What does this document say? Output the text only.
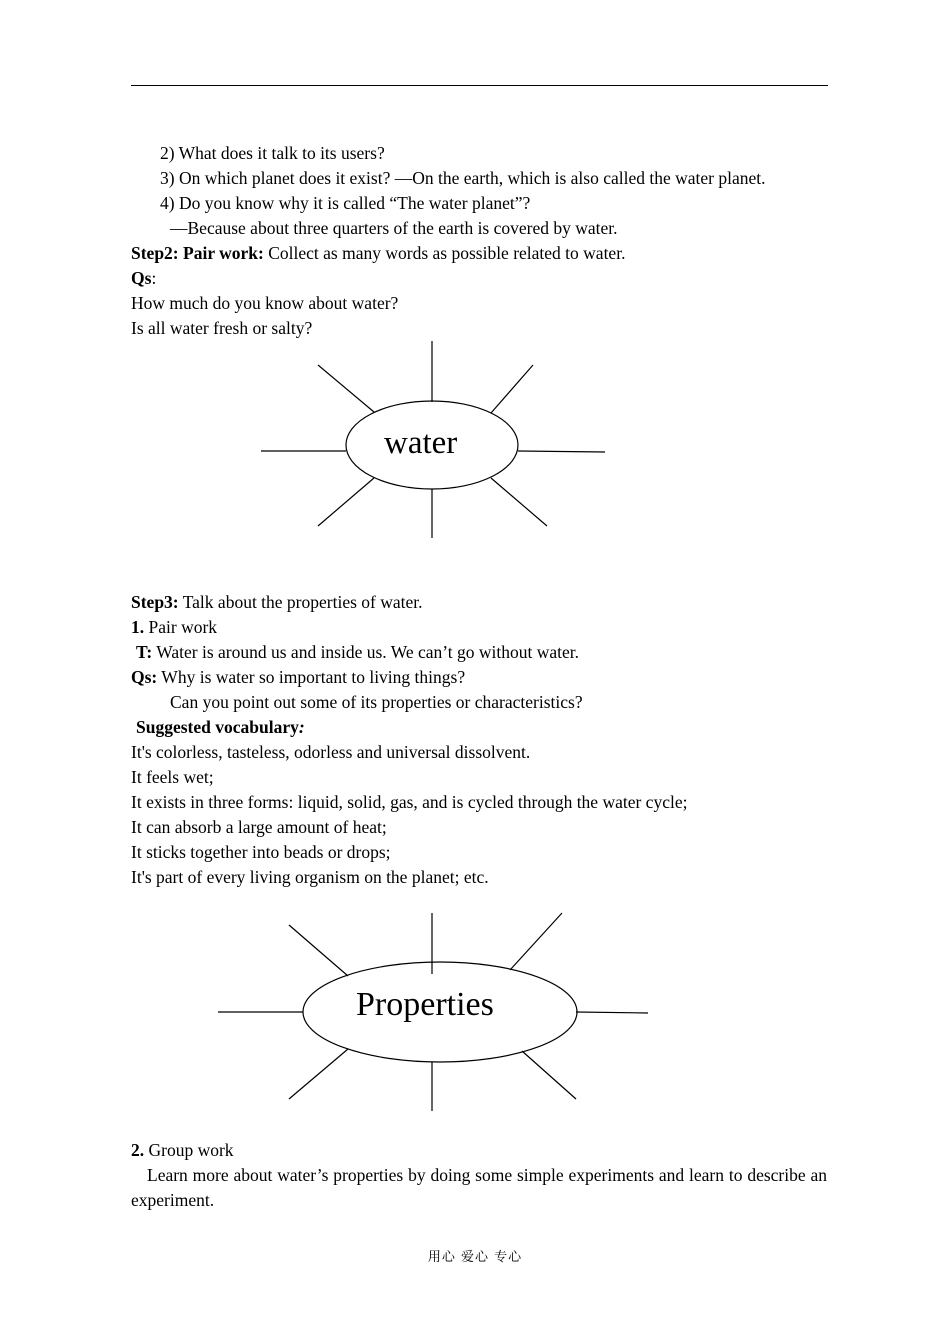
2) What does it talk to its users?
3) On which planet does it exist? —On the earth, which is also called the water planet.
4) Do you know why it is called “The water planet”?
—Because about three quarters of the earth is covered by water.
Step2: Pair work: Collect as many words as possible related to water.
Qs:
How much do you know about water?
Is all water fresh or salty?
water
Properties
Step3: Talk about the properties of water.
1. Pair work
T: Water is around us and inside us. We can’t go without water.
Qs: Why is water so important to living things?
Can you point out some of its properties or characteristics?
Suggested vocabulary:
It's colorless, tasteless, odorless and universal dissolvent.
It feels wet;
It exists in three forms: liquid, solid, gas, and is cycled through the water cycle;
It can absorb a large amount of heat;
It sticks together into beads or drops;
It's part of every living organism on the planet; etc.
2. Group work
Learn more about water’s properties by doing some simple experiments and learn to describe an experiment.
用心 爱心 专心
